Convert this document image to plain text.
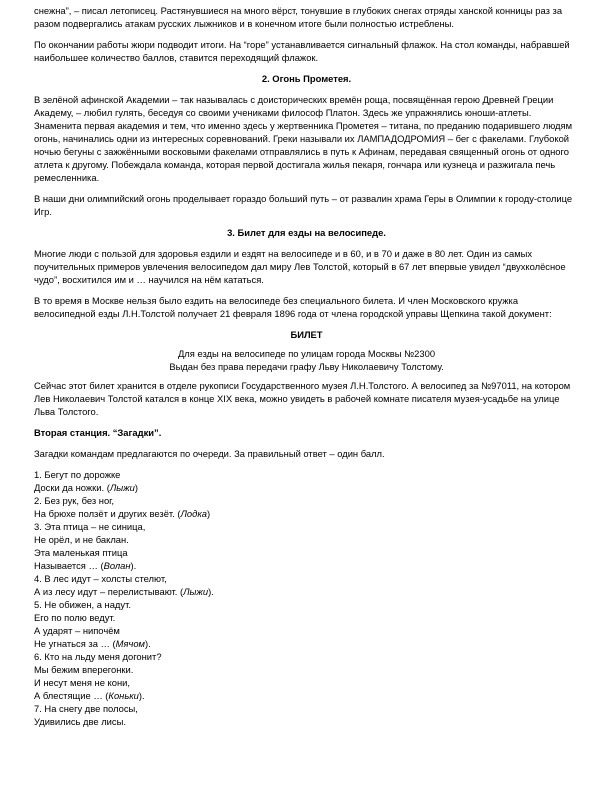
снежна”, – писал летописец. Растянувшиеся на много вёрст, тонувшие в глубоких снегах отряды ханской конницы раз за разом подвергались атакам русских лыжников и в конечном итоге были полностью истреблены.

По окончании работы жюри подводит итоги. На “горе” устанавливается сигнальный флажок. На стол команды, набравшей наибольшее количество баллов, ставится переходящий флажок.

2. Огонь Прометея.

В зелёной афинской Академии – так называлась с доисторических времён роща, посвящённая герою Древней Греции Академу, – любил гулять, беседуя со своими учениками философ Платон. Здесь же упражнялись юноши-атлеты. Знаменита первая академия и тем, что именно здесь у жертвенника Прометея – титана, по преданию подарившего людям огонь, начинались одни из интересных соревнований. Греки называли их ЛАМПАДОДРОМИЯ – бег с факелами. Глубокой ночью бегуны с зажжёнными восковыми факелами отправлялись в путь к Афинам, передавая священный огонь от одного атлета к другому. Побеждала команда, которая первой достигала жилья пекаря, гончара или кузнеца и разжигала печь ремесленника.

В наши дни олимпийский огонь проделывает гораздо больший путь – от развалин храма Геры в Олимпии к городу-столице Игр.

3. Билет для езды на велосипеде.

Многие люди с пользой для здоровья ездили и ездят на велосипеде и в 60, и в 70 и даже в 80 лет. Один из самых поучительных примеров увлечения велосипедом дал миру Лев Толстой, который в 67 лет впервые увидел “двухколёсное чудо”, восхитился им и … научился на нём кататься.

В то время в Москве нельзя было ездить на велосипеде без специального билета. И член Московского кружка велосипедной езды Л.Н.Толстой получает 21 февраля 1896 года от члена городской управы Щепкина такой документ:

БИЛЕТ

Для езды на велосипеде по улицам города Москвы №2300

Выдан без права передачи графу Льву Николаевичу Толстому.

Сейчас этот билет хранится в отделе рукописи Государственного музея Л.Н.Толстого. А велосипед за №97011, на котором Лев Николаевич Толстой катался в конце XIX века, можно увидеть в рабочей комнате писателя музея-усадьбе на улице Льва Толстого.

Вторая станция. “Загадки”.

Загадки командам предлагаются по очереди. За правильный ответ – один балл.

1. Бегут по дорожке

Доски да ножки. (Лыжи)

2. Без рук, без ног,

На брюхе ползёт и других везёт. (Лодка)

3. Эта птица – не синица,

Не орёл, и не баклан.

Эта маленькая птица

Называется … (Волан).

4. В лес идут – холсты стелют,

А из лесу идут – перелистывают. (Лыжи).

5. Не обижен, а надут.

Его по полю ведут.

А ударят – нипочём

Не угнаться за … (Мячом).

6. Кто на льду меня догонит?

Мы бежим вперегонки.

И несут меня не кони,

А блестящие … (Коньки).

7. На снегу две полосы,

Удивились две лисы.
